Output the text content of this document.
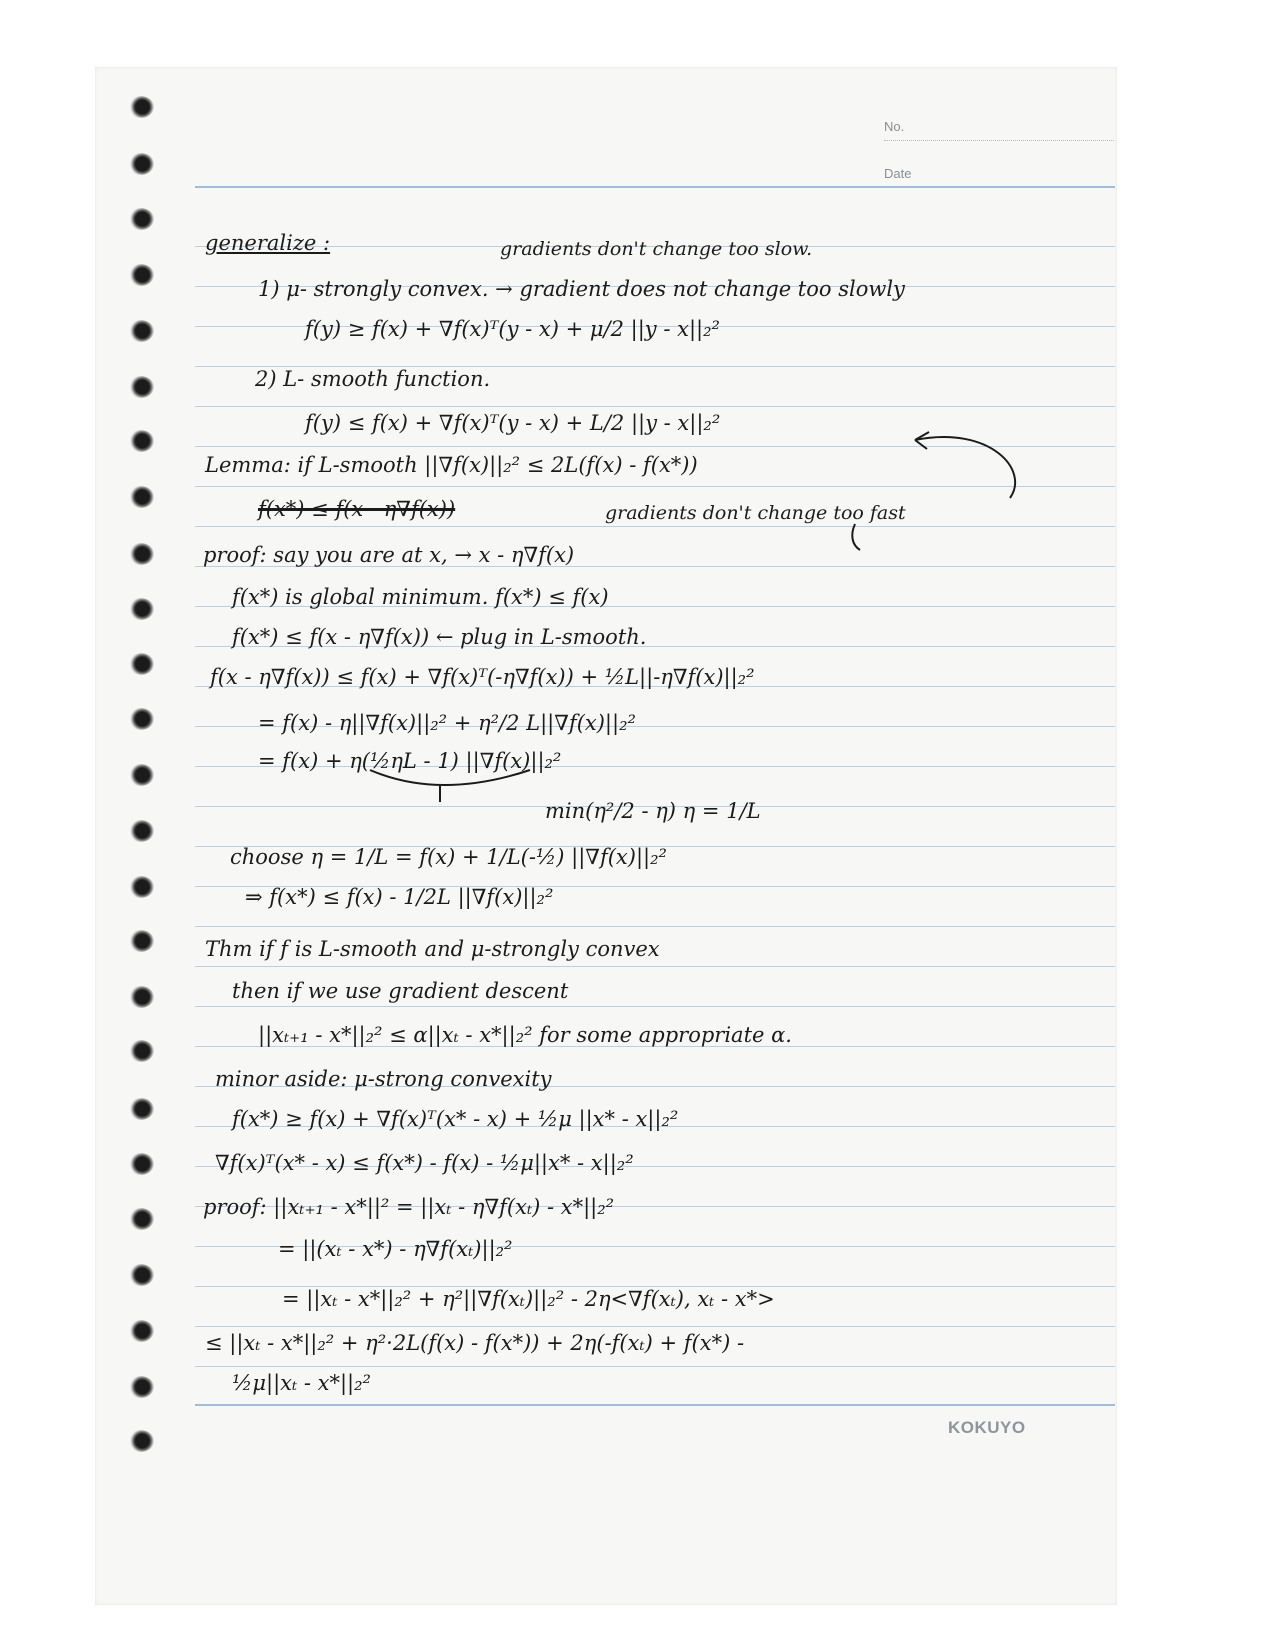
No.
Date
KOKUYO
generalize :	gradients don't change too slow.
1) μ- strongly convex. → gradient does not change too slowly
f(y) ≥ f(x) + ∇f(x)ᵀ(y - x) + μ/2 ||y - x||₂²
2) L- smooth function.
f(y) ≤ f(x) + ∇f(x)ᵀ(y - x) + L/2 ||y - x||₂²
Lemma: if L-smooth ||∇f(x)||₂² ≤ 2L(f(x) - f(x*))
f(x*) ≤ f(x - η∇f(x))	gradients don't change too fast
proof: say you are at x, → x - η∇f(x)
f(x*) is global minimum. f(x*) ≤ f(x)
f(x*) ≤ f(x - η∇f(x)) ← plug in L-smooth.
f(x - η∇f(x)) ≤ f(x) + ∇f(x)ᵀ(-η∇f(x)) + ½L||-η∇f(x)||₂²
= f(x) - η||∇f(x)||₂² + η²/2 L||∇f(x)||₂²
= f(x) + η(½ηL - 1) ||∇f(x)||₂²
min(η²/2 - η) η = 1/L
choose η = 1/L = f(x) + 1/L(-½) ||∇f(x)||₂²
⇒ f(x*) ≤ f(x) - 1/2L ||∇f(x)||₂²
Thm if f is L-smooth and μ-strongly convex
then if we use gradient descent
||xₜ₊₁ - x*||₂² ≤ α||xₜ - x*||₂² for some appropriate α.
minor aside: μ-strong convexity
f(x*) ≥ f(x) + ∇f(x)ᵀ(x* - x) + ½μ ||x* - x||₂²
∇f(x)ᵀ(x* - x) ≤ f(x*) - f(x) - ½μ||x* - x||₂²
proof: ||xₜ₊₁ - x*||² = ||xₜ - η∇f(xₜ) - x*||₂²
= ||(xₜ - x*) - η∇f(xₜ)||₂²
= ||xₜ - x*||₂² + η²||∇f(xₜ)||₂² - 2η<∇f(xₜ), xₜ - x*>
≤ ||xₜ - x*||₂² + η²·2L(f(x) - f(x*)) + 2η(-f(xₜ) + f(x*) -
½μ||xₜ - x*||₂²
